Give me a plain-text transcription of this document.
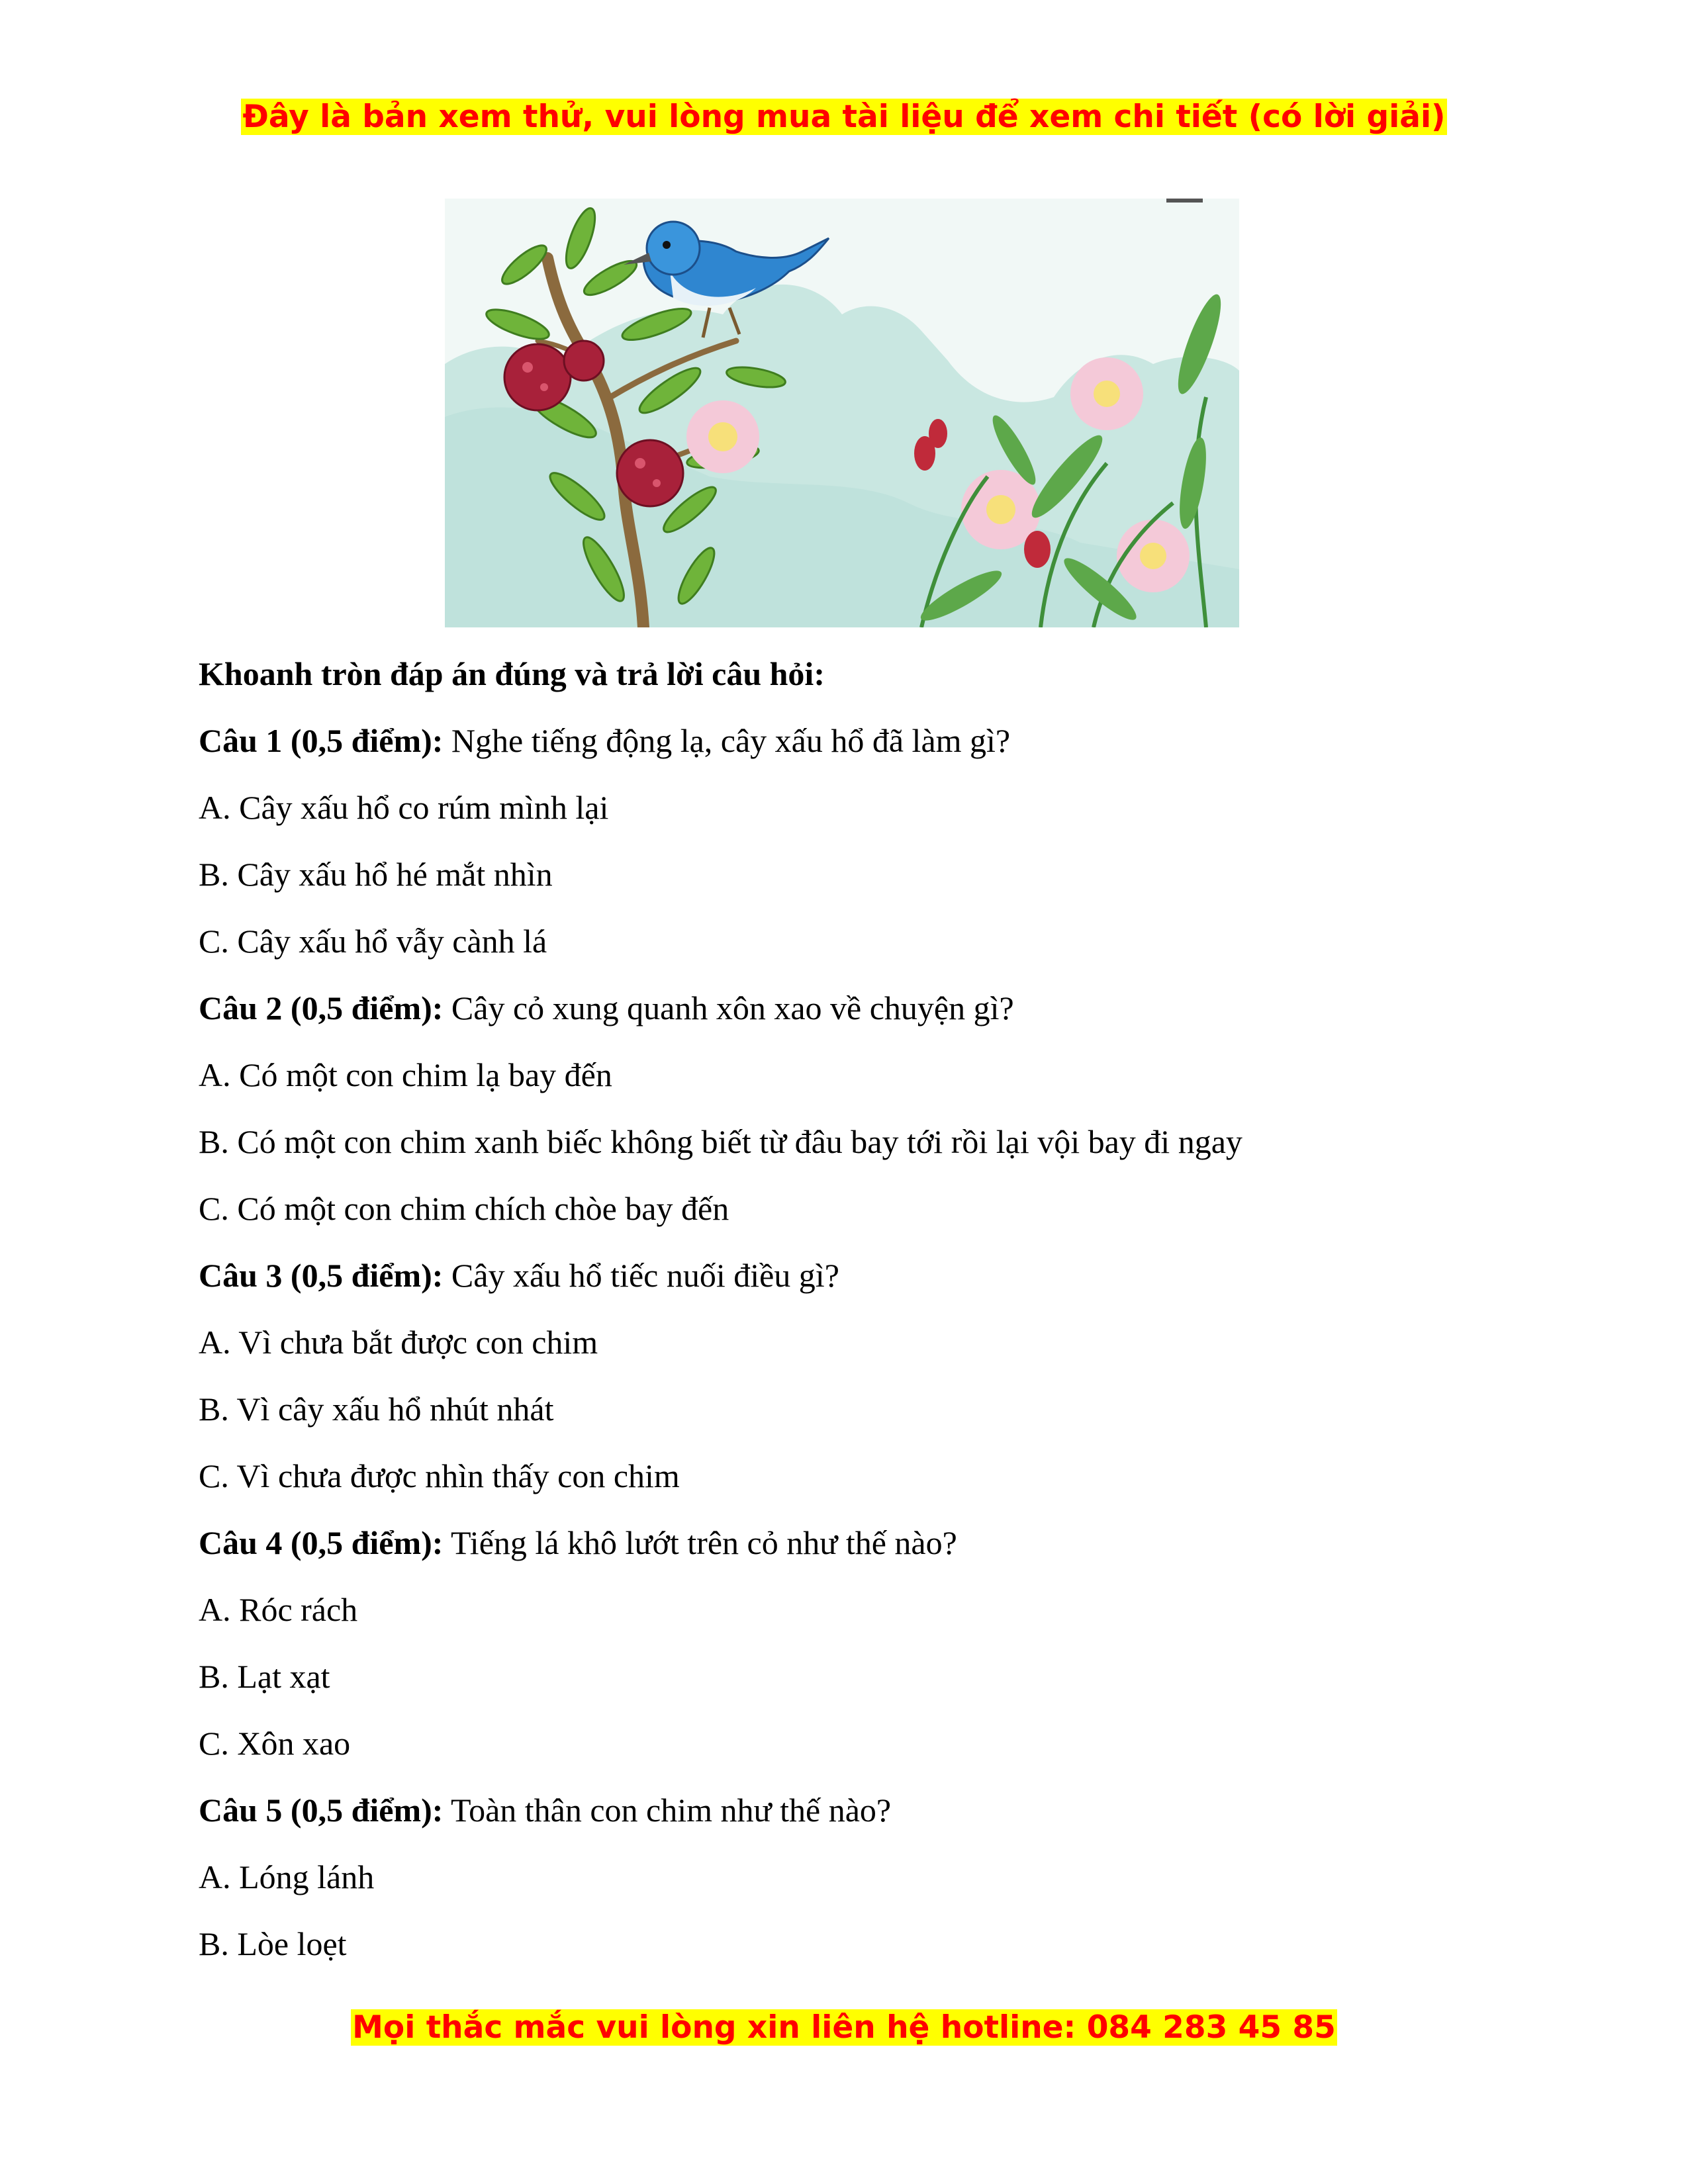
Đây là bản xem thử, vui lòng mua tài liệu để xem chi tiết (có lời giải)
Khoanh tròn đáp án đúng và trả lời câu hỏi:
Câu 1 (0,5 điểm): Nghe tiếng động lạ, cây xấu hổ đã làm gì?
A. Cây xấu hổ co rúm mình lại
B. Cây xấu hổ hé mắt nhìn
C. Cây xấu hổ vẫy cành lá
Câu 2 (0,5 điểm): Cây cỏ xung quanh xôn xao về chuyện gì?
A. Có một con chim lạ bay đến
B. Có một con chim xanh biếc không biết từ đâu bay tới rồi lại vội bay đi ngay
C. Có một con chim chích chòe bay đến
Câu 3 (0,5 điểm): Cây xấu hổ tiếc nuối điều gì?
A. Vì chưa bắt được con chim
B. Vì cây xấu hổ nhút nhát
C. Vì chưa được nhìn thấy con chim
Câu 4 (0,5 điểm): Tiếng lá khô lướt trên cỏ như thế nào?
A. Róc rách
B. Lạt xạt
C. Xôn xao
Câu 5 (0,5 điểm): Toàn thân con chim như thế nào?
A. Lóng lánh
B. Lòe loẹt
Mọi thắc mắc vui lòng xin liên hệ hotline: 084 283 45 85
